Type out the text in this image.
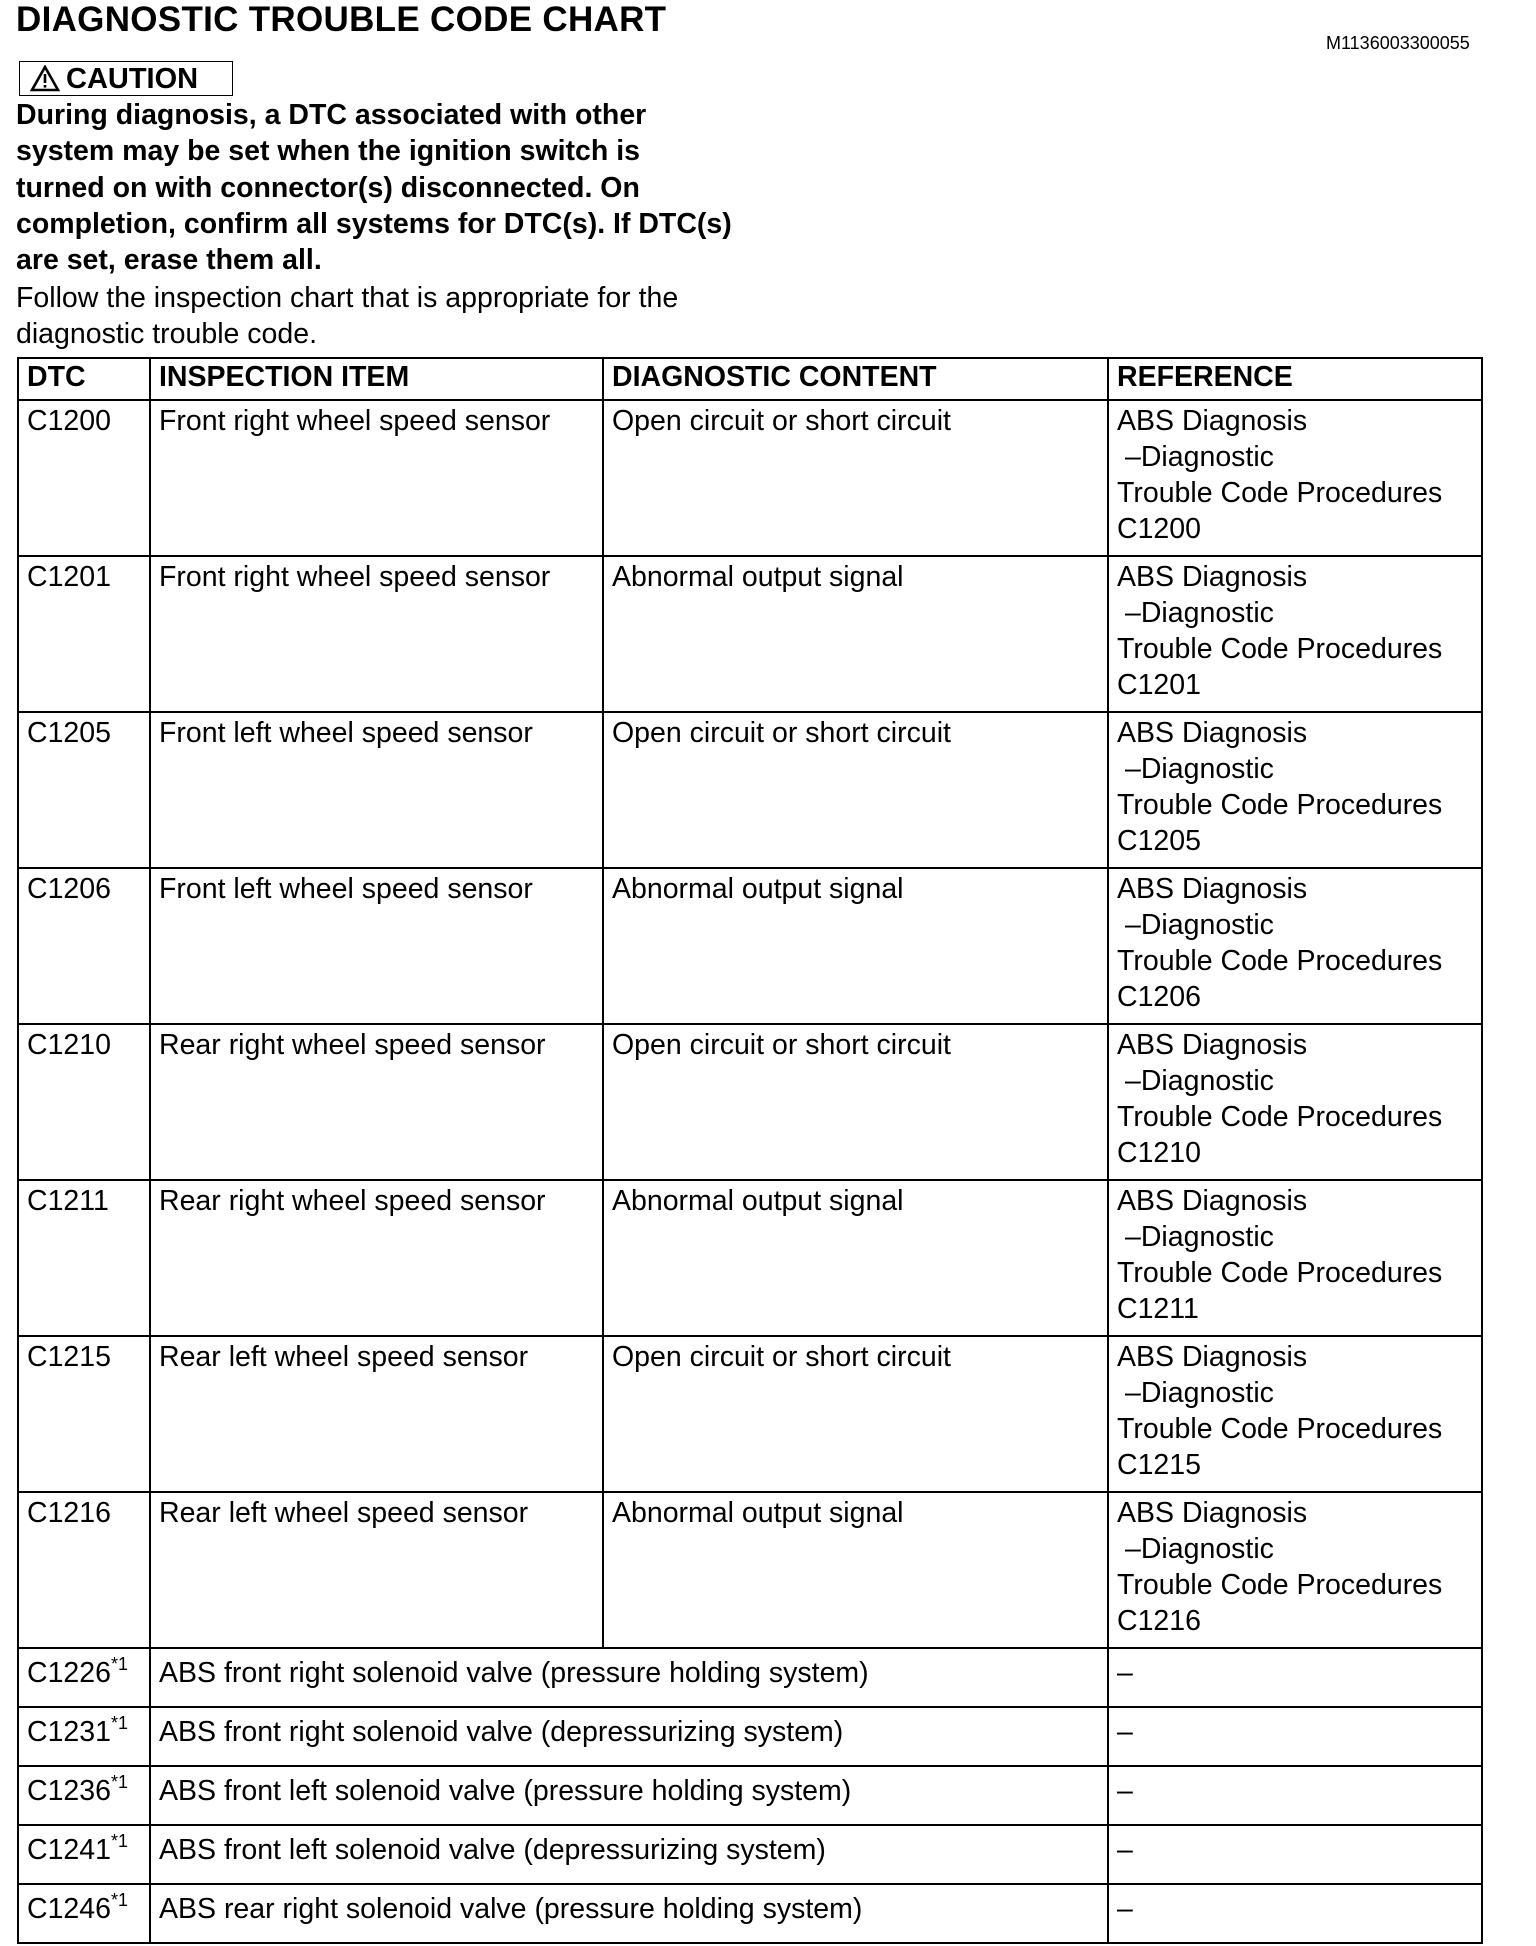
DIAGNOSTIC TROUBLE CODE CHART
M1136003300055
CAUTION
During diagnosis, a DTC associated with other system may be set when the ignition switch is turned on with connector(s) disconnected. On completion, confirm all systems for DTC(s). If DTC(s) are set, erase them all.
Follow the inspection chart that is appropriate for the diagnostic trouble code.
DTC	INSPECTION ITEM	DIAGNOSTIC CONTENT	REFERENCE
C1200	Front right wheel speed sensor	Open circuit or short circuit	ABS Diagnosis
–Diagnostic
Trouble Code Procedures
C1200

C1201	Front right wheel speed sensor	Abnormal output signal	ABS Diagnosis
–Diagnostic
Trouble Code Procedures
C1201

C1205	Front left wheel speed sensor	Open circuit or short circuit	ABS Diagnosis
–Diagnostic
Trouble Code Procedures
C1205

C1206	Front left wheel speed sensor	Abnormal output signal	ABS Diagnosis
–Diagnostic
Trouble Code Procedures
C1206

C1210	Rear right wheel speed sensor	Open circuit or short circuit	ABS Diagnosis
–Diagnostic
Trouble Code Procedures
C1210

C1211	Rear right wheel speed sensor	Abnormal output signal	ABS Diagnosis
–Diagnostic
Trouble Code Procedures
C1211

C1215	Rear left wheel speed sensor	Open circuit or short circuit	ABS Diagnosis
–Diagnostic
Trouble Code Procedures
C1215

C1216	Rear left wheel speed sensor	Abnormal output signal	ABS Diagnosis
–Diagnostic
Trouble Code Procedures
C1216

C1226$^{*1}$	ABS front right solenoid valve (pressure holding system)		–
C1231$^{*1}$	ABS front right solenoid valve (depressurizing system)		–
C1236$^{*1}$	ABS front left solenoid valve (pressure holding system)		–
C1241$^{*1}$	ABS front left solenoid valve (depressurizing system)		–
C1246$^{*1}$	ABS rear right solenoid valve (pressure holding system)		–
